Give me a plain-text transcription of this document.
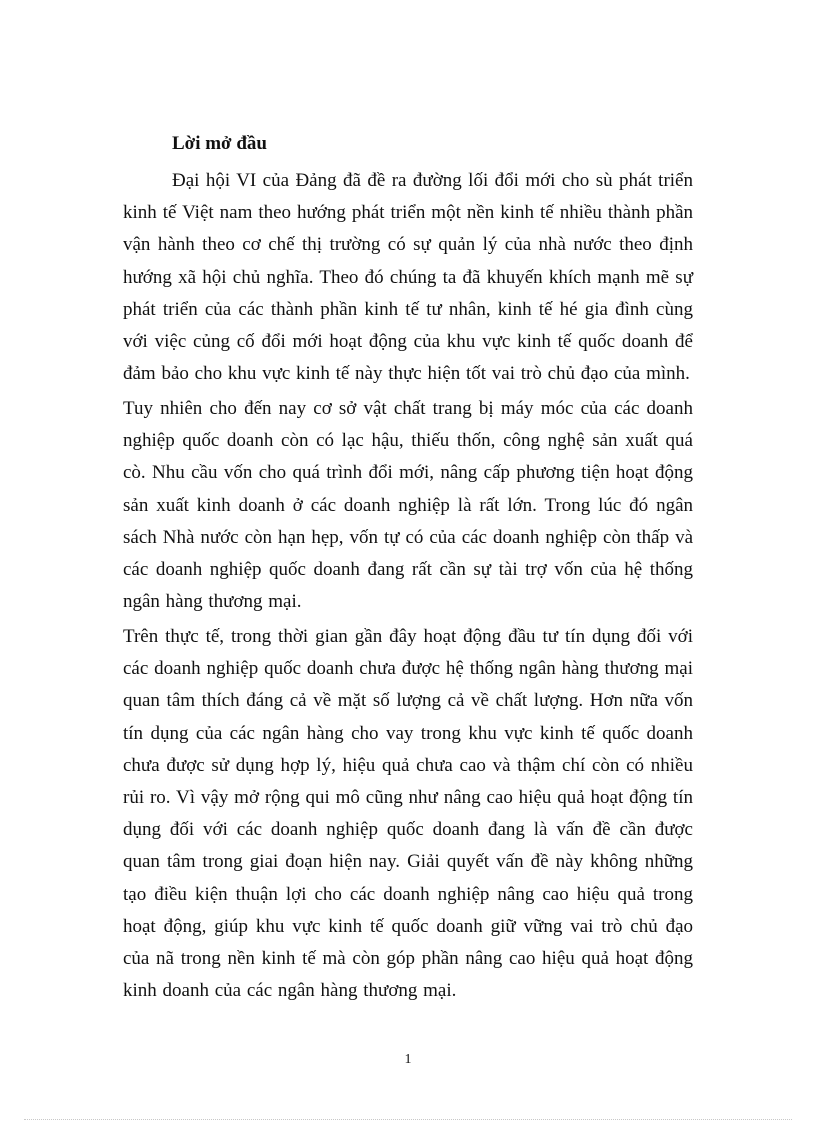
Lời mở đầu

Đại hội VI của Đảng đã đề ra đường lối đổi mới cho sù phát triển kinh tế Việt nam theo hướng phát triển một nền kinh tế nhiều thành phần vận hành theo cơ chế thị trường có sự quản lý của nhà nước theo định hướng xã hội chủ nghĩa. Theo đó chúng ta đã khuyến khích mạnh mẽ sự phát triển của các thành phần kinh tế tư nhân, kinh tế hé gia đình cùng với việc củng cố đổi mới hoạt động của khu vực kinh tế quốc doanh để đảm bảo cho khu vực kinh tế này thực hiện tốt vai trò chủ đạo của mình.

Tuy nhiên cho đến nay cơ sở vật chất trang bị máy móc của các doanh nghiệp quốc doanh còn có lạc hậu, thiếu thốn, công nghệ sản xuất quá cò. Nhu cầu vốn cho quá trình đổi mới, nâng cấp phương tiện hoạt động sản xuất kinh doanh ở các doanh nghiệp là rất lớn. Trong lúc đó ngân sách Nhà nước còn hạn hẹp, vốn tự có của các doanh nghiệp còn thấp và các doanh nghiệp quốc doanh đang rất cần sự tài trợ vốn của hệ thống ngân hàng thương mại.

Trên thực tế, trong thời gian gần đây hoạt động đầu tư tín dụng đối với các doanh nghiệp quốc doanh chưa được hệ thống ngân hàng thương mại quan tâm thích đáng cả về mặt số lượng cả về chất lượng. Hơn nữa vốn tín dụng của các ngân hàng cho vay trong khu vực kinh tế quốc doanh chưa được sử dụng hợp lý, hiệu quả chưa cao và thậm chí còn có nhiều rủi ro. Vì vậy mở rộng qui mô cũng như nâng cao hiệu quả hoạt động tín dụng đối với các doanh nghiệp quốc doanh đang là vấn đề cần được quan tâm trong giai đoạn hiện nay. Giải quyết vấn đề này không những tạo điều kiện thuận lợi cho các doanh nghiệp nâng cao hiệu quả trong hoạt động, giúp khu vực kinh tế quốc doanh giữ vững vai trò chủ đạo của nã trong nền kinh tế mà còn góp phần nâng cao hiệu quả hoạt động kinh doanh của các ngân hàng thương mại.

1
